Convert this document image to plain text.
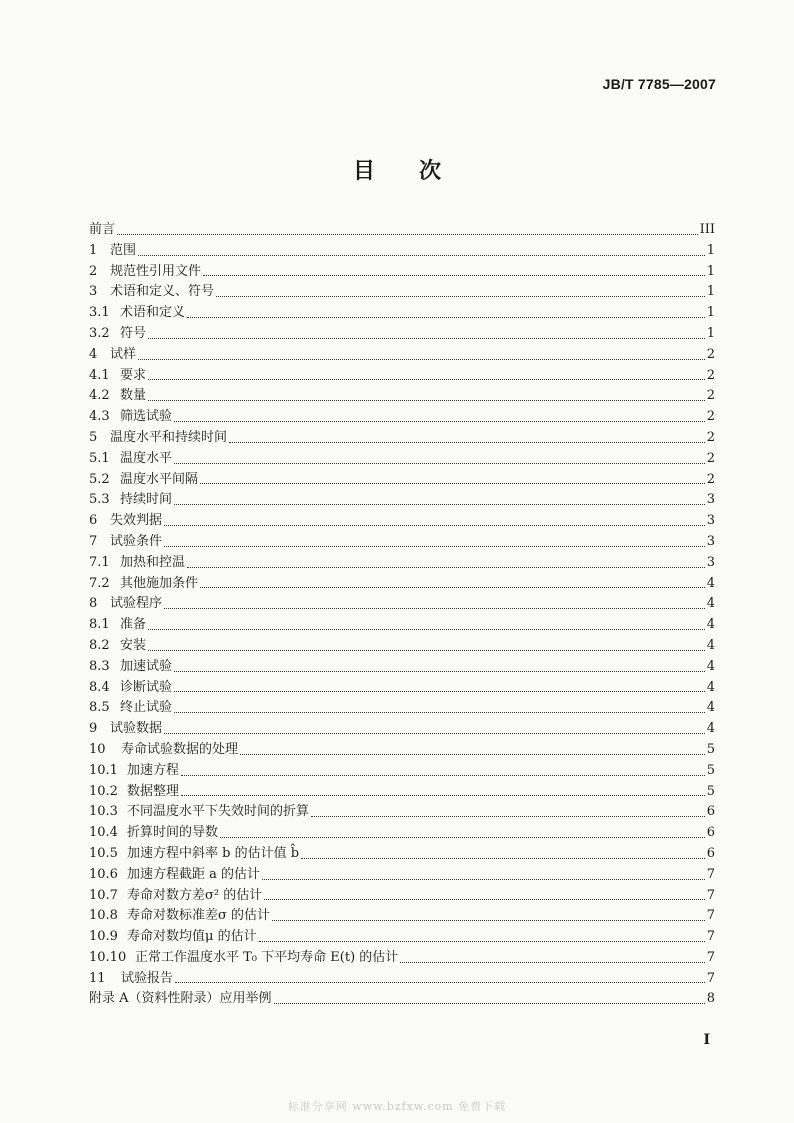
JB/T 7785—2007
目次
前言	III
1 范围	1
2 规范性引用文件	1
3 术语和定义、符号	1
3.1 术语和定义	1
3.2 符号	1
4 试样	2
4.1 要求	2
4.2 数量	2
4.3 筛选试验	2
5 温度水平和持续时间	2
5.1 温度水平	2
5.2 温度水平间隔	2
5.3 持续时间	3
6 失效判据	3
7 试验条件	3
7.1 加热和控温	3
7.2 其他施加条件	4
8 试验程序	4
8.1 准备	4
8.2 安装	4
8.3 加速试验	4
8.4 诊断试验	4
8.5 终止试验	4
9 试验数据	4
10	寿命试验数据的处理	5
10.1 加速方程	5
10.2 数据整理	5
10.3 不同温度水平下失效时间的折算	6
10.4 折算时间的导数	6
10.5 加速方程中斜率 b 的估计值 b̂	6
10.6 加速方程截距 a 的估计	7
10.7 寿命对数方差σ² 的估计	7
10.8 寿命对数标准差σ 的估计	7
10.9 寿命对数均值μ 的估计	7
10.10 正常工作温度水平 T₀ 下平均寿命 E(t) 的估计	7
11	试验报告	7
附录 A（资料性附录）应用举例	8
I
标准分享网 www.bzfxw.com 免费下载
